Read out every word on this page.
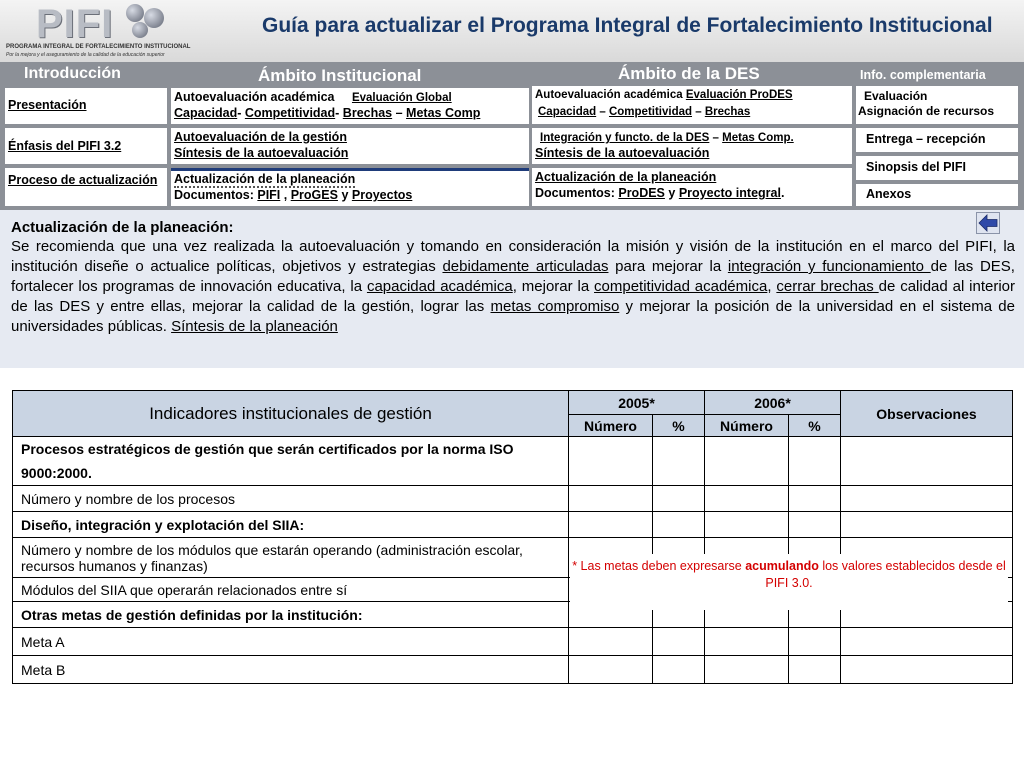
PIFI
PROGRAMA INTEGRAL DE FORTALECIMIENTO INSTITUCIONAL
Por la mejora y el aseguramiento de la calidad de la educación superior
Guía para actualizar el Programa Integral de Fortalecimiento Institucional
Introducción	Ámbito Institucional	Ámbito de la DES	Info. complementaria
Presentación
Énfasis del PIFI 3.2
Proceso de actualización
Autoevaluación académica Evaluación Global
Capacidad- Competitividad- Brechas – Metas Comp
Autoevaluación de la gestión
Síntesis de la autoevaluación
Actualización de la planeación
Documentos: PIFI , ProGES y Proyectos
Autoevaluación académica Evaluación ProDES
Capacidad – Competitividad – Brechas
Integración y functo. de la DES – Metas Comp.
Síntesis de la autoevaluación
Actualización de la planeación
Documentos: ProDES y Proyecto integral.
Evaluación
Asignación de recursos
Entrega – recepción
Sinopsis del PIFI
Anexos
Actualización de la planeación:
Se recomienda que una vez realizada la autoevaluación y tomando en consideración la misión y visión de la institución en el marco del PIFI, la institución diseñe o actualice políticas, objetivos y estrategias debidamente articuladas para mejorar la integración y funcionamiento de las DES, fortalecer los programas de innovación educativa, la capacidad académica, mejorar la competitividad académica, cerrar brechas de calidad al interior de las DES y entre ellas, mejorar la calidad de la gestión, lograr las metas compromiso y mejorar la posición de la universidad en el sistema de universidades públicas. Síntesis de la planeación
Indicadores institucionales de gestión	2005*		2006*		Observaciones
	Número	%	Número	%	
Procesos estratégicos de gestión que serán certificados por la norma ISO 9000:2000.					
Número y nombre de los procesos					
Diseño, integración y explotación del SIIA:					
Número y nombre de los módulos que estarán operando (administración escolar, recursos humanos y finanzas)					
Módulos del SIIA que operarán relacionados entre sí					
Otras metas de gestión definidas por la institución:					
Meta A					
Meta B					
* Las metas deben expresarse acumulando los valores establecidos desde el PIFI 3.0.
